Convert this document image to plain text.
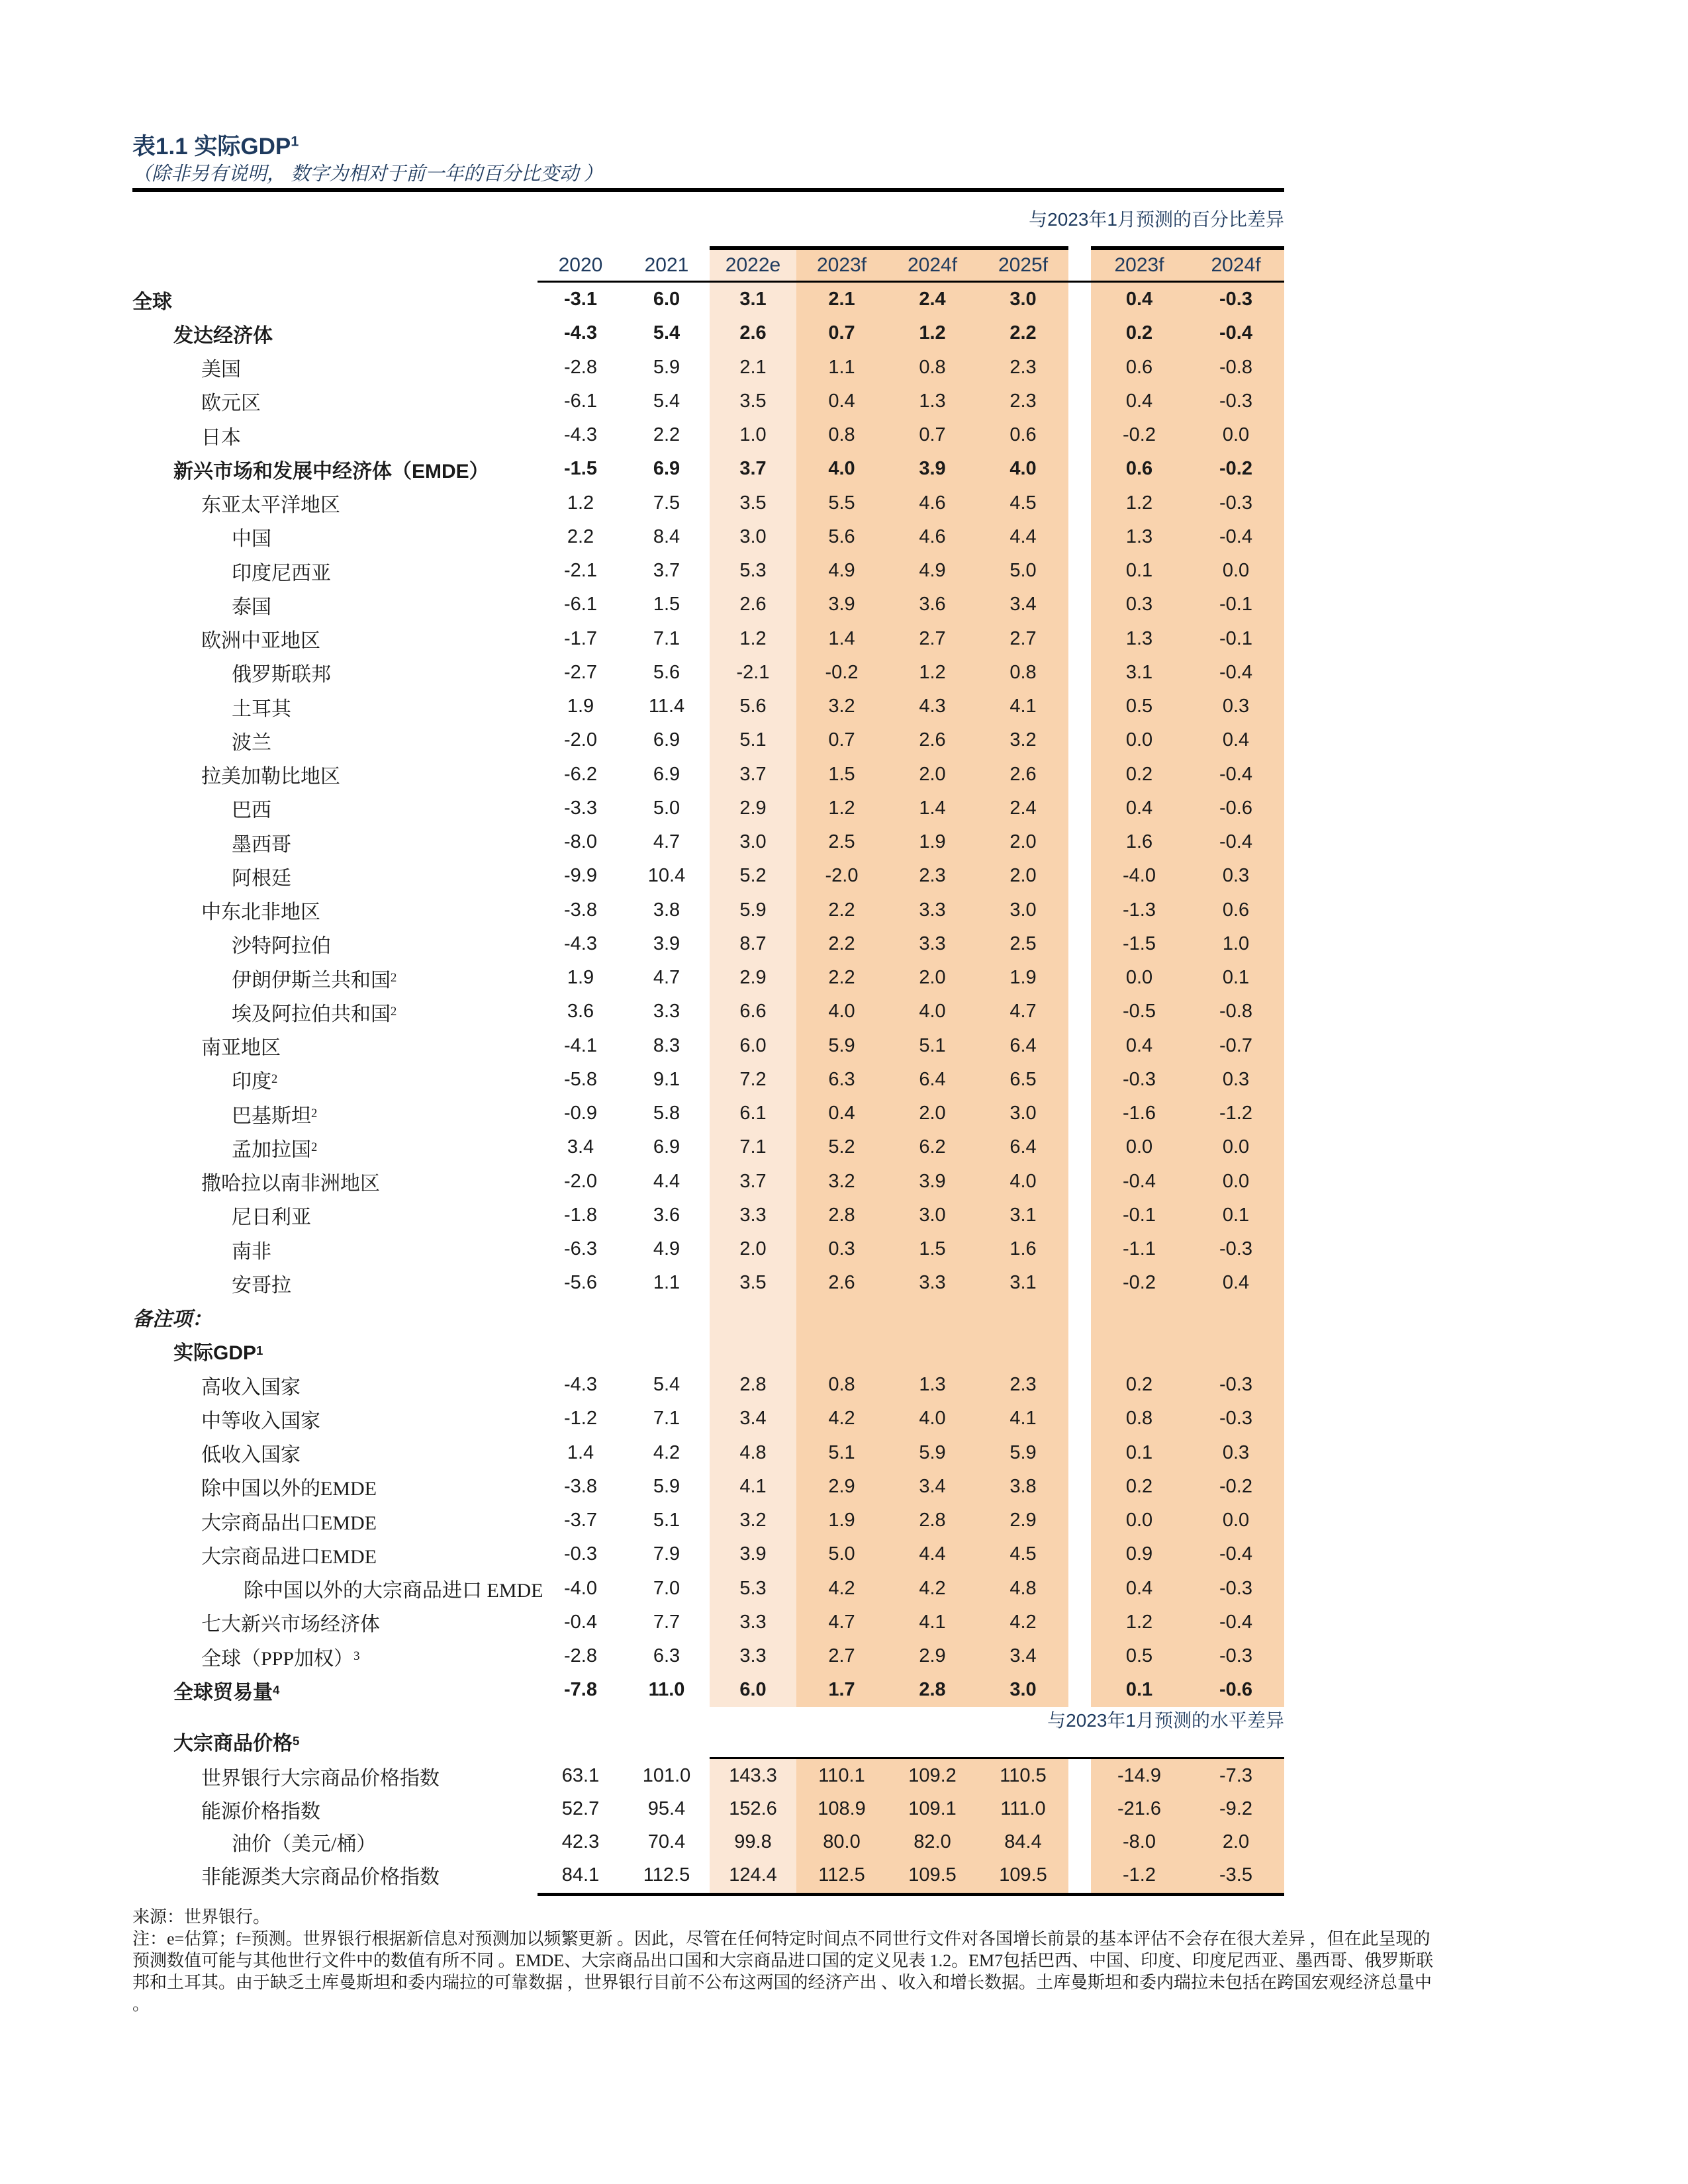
表1.1 实际GDP$^1$
（除非另有说明， 数字为相对于前一年的百分比变动 ）
与2023年1月预测的百分比差异
2020	2021	2022e	2023f	2024f	2025f	2023f	2024f
全球	-3.1	6.0	3.1	2.1	2.4	3.0	0.4	-0.3
发达经济体	-4.3	5.4	2.6	0.7	1.2	2.2	0.2	-0.4
美国	-2.8	5.9	2.1	1.1	0.8	2.3	0.6	-0.8
欧元区	-6.1	5.4	3.5	0.4	1.3	2.3	0.4	-0.3
日本	-4.3	2.2	1.0	0.8	0.7	0.6	-0.2	0.0
新兴市场和发展中经济体（EMDE）	-1.5	6.9	3.7	4.0	3.9	4.0	0.6	-0.2
东亚太平洋地区	1.2	7.5	3.5	5.5	4.6	4.5	1.2	-0.3
中国	2.2	8.4	3.0	5.6	4.6	4.4	1.3	-0.4
印度尼西亚	-2.1	3.7	5.3	4.9	4.9	5.0	0.1	0.0
泰国	-6.1	1.5	2.6	3.9	3.6	3.4	0.3	-0.1
欧洲中亚地区	-1.7	7.1	1.2	1.4	2.7	2.7	1.3	-0.1
俄罗斯联邦	-2.7	5.6	-2.1	-0.2	1.2	0.8	3.1	-0.4
土耳其	1.9	11.4	5.6	3.2	4.3	4.1	0.5	0.3
波兰	-2.0	6.9	5.1	0.7	2.6	3.2	0.0	0.4
拉美加勒比地区	-6.2	6.9	3.7	1.5	2.0	2.6	0.2	-0.4
巴西	-3.3	5.0	2.9	1.2	1.4	2.4	0.4	-0.6
墨西哥	-8.0	4.7	3.0	2.5	1.9	2.0	1.6	-0.4
阿根廷	-9.9	10.4	5.2	-2.0	2.3	2.0	-4.0	0.3
中东北非地区	-3.8	3.8	5.9	2.2	3.3	3.0	-1.3	0.6
沙特阿拉伯	-4.3	3.9	8.7	2.2	3.3	2.5	-1.5	1.0
伊朗伊斯兰共和国 2	1.9	4.7	2.9	2.2	2.0	1.9	0.0	0.1
埃及阿拉伯共和国 2	3.6	3.3	6.6	4.0	4.0	4.7	-0.5	-0.8
南亚地区	-4.1	8.3	6.0	5.9	5.1	6.4	0.4	-0.7
印度 2	-5.8	9.1	7.2	6.3	6.4	6.5	-0.3	0.3
巴基斯坦 2	-0.9	5.8	6.1	0.4	2.0	3.0	-1.6	-1.2
孟加拉国 2	3.4	6.9	7.1	5.2	6.2	6.4	0.0	0.0
撒哈拉以南非洲地区	-2.0	4.4	3.7	3.2	3.9	4.0	-0.4	0.0
尼日利亚	-1.8	3.6	3.3	2.8	3.0	3.1	-0.1	0.1
南非	-6.3	4.9	2.0	0.3	1.5	1.6	-1.1	-0.3
安哥拉	-5.6	1.1	3.5	2.6	3.3	3.1	-0.2	0.4
备注项：
实际GDP 1
高收入国家	-4.3	5.4	2.8	0.8	1.3	2.3	0.2	-0.3
中等收入国家	-1.2	7.1	3.4	4.2	4.0	4.1	0.8	-0.3
低收入国家	1.4	4.2	4.8	5.1	5.9	5.9	0.1	0.3
除中国以外的EMDE	-3.8	5.9	4.1	2.9	3.4	3.8	0.2	-0.2
大宗商品出口EMDE	-3.7	5.1	3.2	1.9	2.8	2.9	0.0	0.0
大宗商品进口EMDE	-0.3	7.9	3.9	5.0	4.4	4.5	0.9	-0.4
除中国以外的大宗商品进口 EMDE	-4.0	7.0	5.3	4.2	4.2	4.8	0.4	-0.3
七大新兴市场经济体	-0.4	7.7	3.3	4.7	4.1	4.2	1.2	-0.4
全球（PPP加权） 3	-2.8	6.3	3.3	2.7	2.9	3.4	0.5	-0.3
全球贸易量 4	-7.8	11.0	6.0	1.7	2.8	3.0	0.1	-0.6
与2023年1月预测的水平差异
大宗商品价格 5
世界银行大宗商品价格指数	63.1	101.0	143.3	110.1	109.2	110.5	-14.9	-7.3
能源价格指数	52.7	95.4	152.6	108.9	109.1	111.0	-21.6	-9.2
油价（美元/桶）	42.3	70.4	99.8	80.0	82.0	84.4	-8.0	2.0
非能源类大宗商品价格指数	84.1	112.5	124.4	112.5	109.5	109.5	-1.2	-3.5
来源：世界银行。
注：e=估算；f=预测。世界银行根据新信息对预测加以频繁更新 。因此，尽管在任何特定时间点不同世行文件对各国增长前景的基本评估不会存在很大差异 ，但在此呈现的
预测数值可能与其他世行文件中的数值有所不同 。EMDE、大宗商品出口国和大宗商品进口国的定义见表 1.2。EM7包括巴西、中国、印度、印度尼西亚、墨西哥、俄罗斯联
邦和土耳其。由于缺乏土库曼斯坦和委内瑞拉的可靠数据 ，世界银行目前不公布这两国的经济产出 、收入和增长数据。土库曼斯坦和委内瑞拉未包括在跨国宏观经济总量中
。
